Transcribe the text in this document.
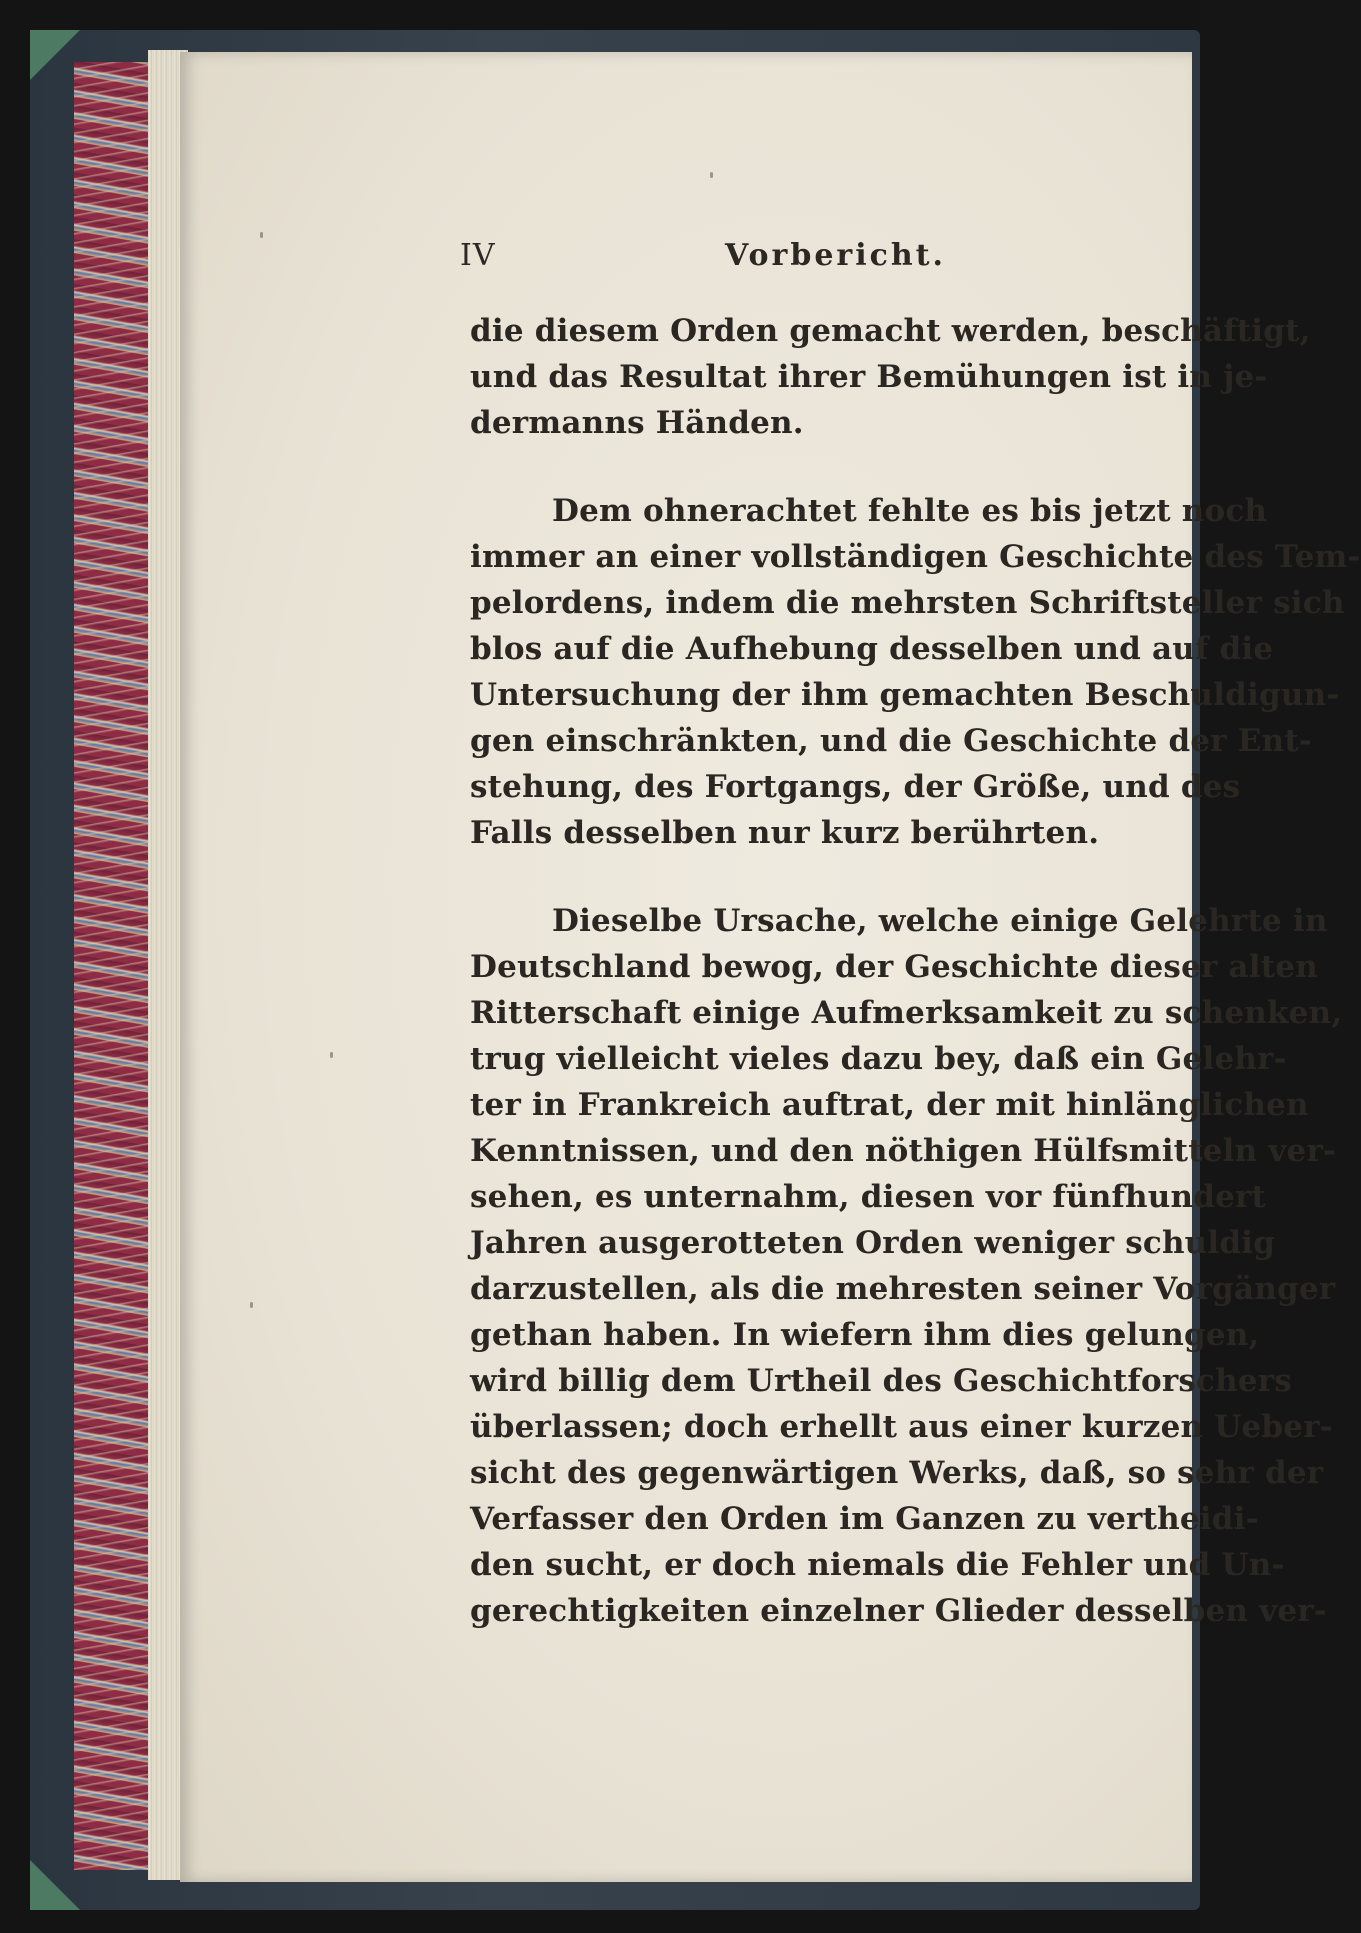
IV	Vorbericht.
die diesem Orden gemacht werden, beschäftigt,
und das Resultat ihrer Bemühungen ist in je-
dermanns Händen.
Dem ohnerachtet fehlte es bis jetzt noch
immer an einer vollständigen Geschichte des Tem-
pelordens, indem die mehrsten Schriftsteller sich
blos auf die Aufhebung desselben und auf die
Untersuchung der ihm gemachten Beschuldigun-
gen einschränkten, und die Geschichte der Ent-
stehung, des Fortgangs, der Größe, und des
Falls desselben nur kurz berührten.
Dieselbe Ursache, welche einige Gelehrte in
Deutschland bewog, der Geschichte dieser alten
Ritterschaft einige Aufmerksamkeit zu schenken,
trug vielleicht vieles dazu bey, daß ein Gelehr-
ter in Frankreich auftrat, der mit hinlänglichen
Kenntnissen, und den nöthigen Hülfsmitteln ver-
sehen, es unternahm, diesen vor fünfhundert
Jahren ausgerotteten Orden weniger schuldig
darzustellen, als die mehresten seiner Vorgänger
gethan haben. In wiefern ihm dies gelungen,
wird billig dem Urtheil des Geschichtforschers
überlassen; doch erhellt aus einer kurzen Ueber-
sicht des gegenwärtigen Werks, daß, so sehr der
Verfasser den Orden im Ganzen zu vertheidi-
den sucht, er doch niemals die Fehler und Un-
gerechtigkeiten einzelner Glieder desselben ver-
